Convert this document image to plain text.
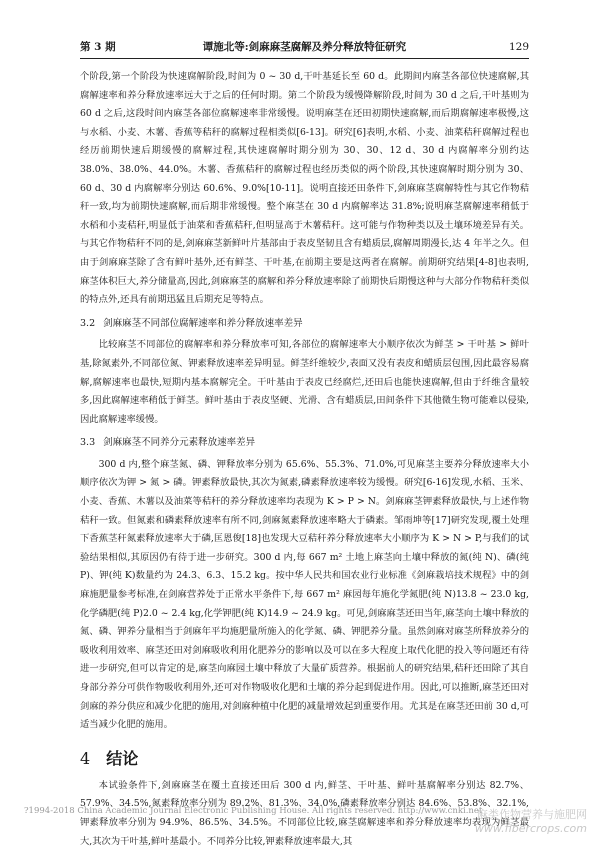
第 3 期	谭施北等:剑麻麻茎腐解及养分释放特征研究	129

个阶段,第一个阶段为快速腐解阶段,时间为 0 ~ 30 d,干叶基延长至 60 d。此期间内麻茎各部位快速腐解,其腐解速率和养分释放速率远大于之后的任何时期。第二个阶段为缓慢降解阶段,时间为 30 d 之后,干叶基则为 60 d 之后,这段时间内麻茎各部位腐解速率非常缓慢。说明麻茎在还田初期快速腐解,而后期腐解速率极慢,这与水稻、小麦、木薯、香蕉等秸秆的腐解过程相类似[6-13]。研究[6]表明,水稻、小麦、油菜秸秆腐解过程也经历前期快速后期缓慢的腐解过程,其快速腐解时期分别为 30、30、12 d、30 d 内腐解率分别约达 38.0%、38.0%、44.0%。木薯、香蕉秸秆的腐解过程也经历类似的两个阶段,其快速腐解时期分别为 30、60 d、30 d 内腐解率分别达 60.6%、9.0%[10-11]。说明直接还田条件下,剑麻麻茎腐解特性与其它作物秸秆一致,均为前期快速腐解,而后期非常缓慢。整个麻茎在 30 d 内腐解率达 31.8%;说明麻茎腐解速率稍低于水稻和小麦秸秆,明显低于油菜和香蕉秸秆,但明显高于木薯秸秆。这可能与作物种类以及土壤环境差异有关。与其它作物秸秆不同的是,剑麻麻茎新鲜叶片基部由于表皮坚韧且含有蜡质层,腐解周期漫长,达 4 年半之久。但由于剑麻麻茎除了含有鲜叶基外,还有鲜茎、干叶基,在前期主要是这两者在腐解。前期研究结果[4-8]也表明,麻茎体积巨大,养分储量高,因此,剑麻麻茎的腐解和养分释放速率除了前期快后期慢这种与大部分作物秸秆类似的特点外,还具有前期迅猛且后期充足等特点。

3.2 剑麻麻茎不同部位腐解速率和养分释放速率差异

比较麻茎不同部位的腐解率和养分释放率可知,各部位的腐解速率大小顺序依次为鲜茎 > 干叶基 > 鲜叶基,除氮素外,不同部位氮、钾素释放速率差异明显。鲜茎纤维较少,表面又没有表皮和蜡质层包围,因此最容易腐解,腐解速率也最快,短期内基本腐解完全。干叶基由于表皮已经腐烂,还田后也能快速腐解,但由于纤维含量较多,因此腐解速率稍低于鲜茎。鲜叶基由于表皮坚硬、光滑、含有蜡质层,田间条件下其他微生物可能难以侵染,因此腐解速率缓慢。

3.3 剑麻麻茎不同养分元素释放速率差异

300 d 内,整个麻茎氮、磷、钾释放率分别为 65.6%、55.3%、71.0%,可见麻茎主要养分释放速率大小顺序依次为钾 > 氮 > 磷。钾素释放最快,其次为氮素,磷素释放速率较为缓慢。研究[6-16]发现,水稻、玉米、小麦、香蕉、木薯以及油菜等秸秆的养分释放速率均表现为 K > P > N。剑麻麻茎钾素释放最快,与上述作物秸秆一致。但氮素和磷素释放速率有所不同,剑麻氮素释放速率略大于磷素。邹雨坤等[17]研究发现,覆土处理下香蕉茎秆氮素释放速率大于磷,匡恩俊[18]也发现大豆秸秆养分释放速率大小顺序为 K > N > P,与我们的试验结果相似,其原因仍有待于进一步研究。300 d 内,每 667 m² 土地上麻茎向土壤中释放的氮(纯 N)、磷(纯 P)、钾(纯 K)数量约为 24.3、6.3、15.2 kg。按中华人民共和国农业行业标准《剑麻栽培技术规程》中的剑麻施肥量参考标准,在剑麻营养处于正常水平条件下,每 667 m² 麻园每年施化学氮肥(纯 N)13.8 ~ 23.0 kg,化学磷肥(纯 P)2.0 ~ 2.4 kg,化学钾肥(纯 K)14.9 ~ 24.9 kg。可见,剑麻麻茎还田当年,麻茎向土壤中释放的氮、磷、钾养分量相当于剑麻年平均施肥量所施入的化学氮、磷、钾肥养分量。虽然剑麻对麻茎所释放养分的吸收利用效率、麻茎还田对剑麻吸收利用化肥养分的影响以及可以在多大程度上取代化肥的投入等问题还有待进一步研究,但可以肯定的是,麻茎向麻园土壤中释放了大量矿质营养。根据前人的研究结果,秸秆还田除了其自身部分养分可供作物吸收利用外,还可对作物吸收化肥和土壤的养分起到促进作用。因此,可以推断,麻茎还田对剑麻的养分供应和减少化肥的施用,对剑麻种植中化肥的减量增效起到重要作用。尤其是在麻茎还田前 30 d,可适当减少化肥的施用。

4 结论

本试验条件下,剑麻麻茎在覆土直接还田后 300 d 内,鲜茎、干叶基、鲜叶基腐解率分别达 82.7%、57.9%、34.5%,氮素释放率分别为 89.2%、81.3%、34.0%,磷素释放率分别达 84.6%、53.8%、32.1%,钾素释放率分别为 94.9%、86.5%、34.5%。不同部位比较,麻茎腐解速率和养分释放速率均表现为鲜茎最大,其次为干叶基,鲜叶基最小。不同养分比较,钾素释放速率最大,其

?1994-2018 China Academic Journal Electronic Publishing House. All rights reserved. http://www.cnki.net
麻类作物营养与施肥网
www.fibercrops.com
